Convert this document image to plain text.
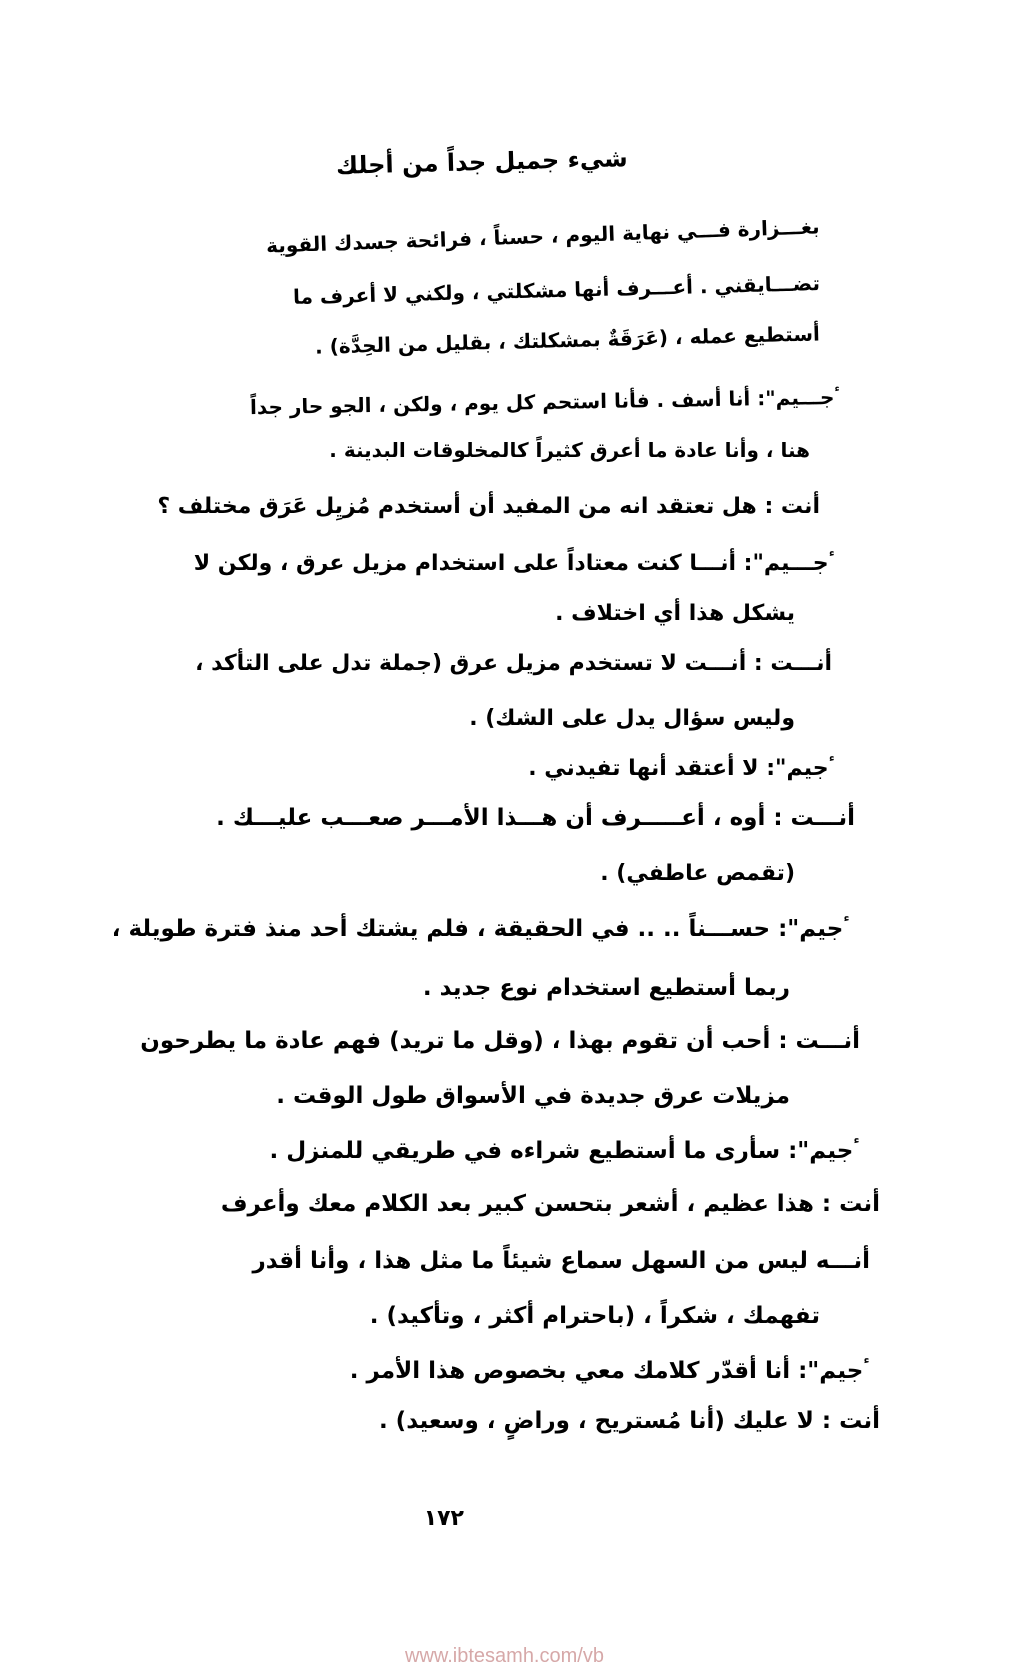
شيء جميل جداً من أجلك
بغـــزارة فـــي نهاية اليوم ، حسناً ، فرائحة جسدك القوية
تضـــايقني . أعـــرف أنها مشكلتي ، ولكني لا أعرف ما
أستطيع عمله ، (عَرَقَةٌ بمشكلتك ، بقليل من الحِدَّة) .
ٴجـــيم": أنا أسف . فأنا استحم كل يوم ، ولكن ، الجو حار جداً
هنا ، وأنا عادة ما أعرق كثيراً كالمخلوقات البدينة .
أنت : هل تعتقد انه من المفيد أن أستخدم مُزيِل عَرَق مختلف ؟
ٴجـــيم": أنـــا كنت معتاداً على استخدام مزيل عرق ، ولكن لا
يشكل هذا أي اختلاف .
أنـــت : أنـــت لا تستخدم مزيل عرق (جملة تدل على التأكد ،
وليس سؤال يدل على الشك) .
ٴجيم": لا أعتقد أنها تفيدني .
أنـــت : أوه ، أعـــــرف أن هـــذا الأمـــر صعـــب عليـــك .
(تقمص عاطفي) .
ٴجيم": حســـناً .. .. في الحقيقة ، فلم يشتك أحد منذ فترة طويلة ،
ربما أستطيع استخدام نوع جديد .
أنـــت : أحب أن تقوم بهذا ، (وقل ما تريد) فهم عادة ما يطرحون
مزيلات عرق جديدة في الأسواق طول الوقت .
ٴجيم": سأرى ما أستطيع شراءه في طريقي للمنزل .
أنت : هذا عظيم ، أشعر بتحسن كبير بعد الكلام معك وأعرف
أنـــه ليس من السهل سماع شيئاً ما مثل هذا ، وأنا أقدر
تفهمك ، شكراً ، (باحترام أكثر ، وتأكيد) .
ٴجيم": أنا أقدّر كلامك معي بخصوص هذا الأمر .
أنت : لا عليك (أنا مُستريح ، وراضٍ ، وسعيد) .
١٧٢
www.ibtesamh.com/vb
